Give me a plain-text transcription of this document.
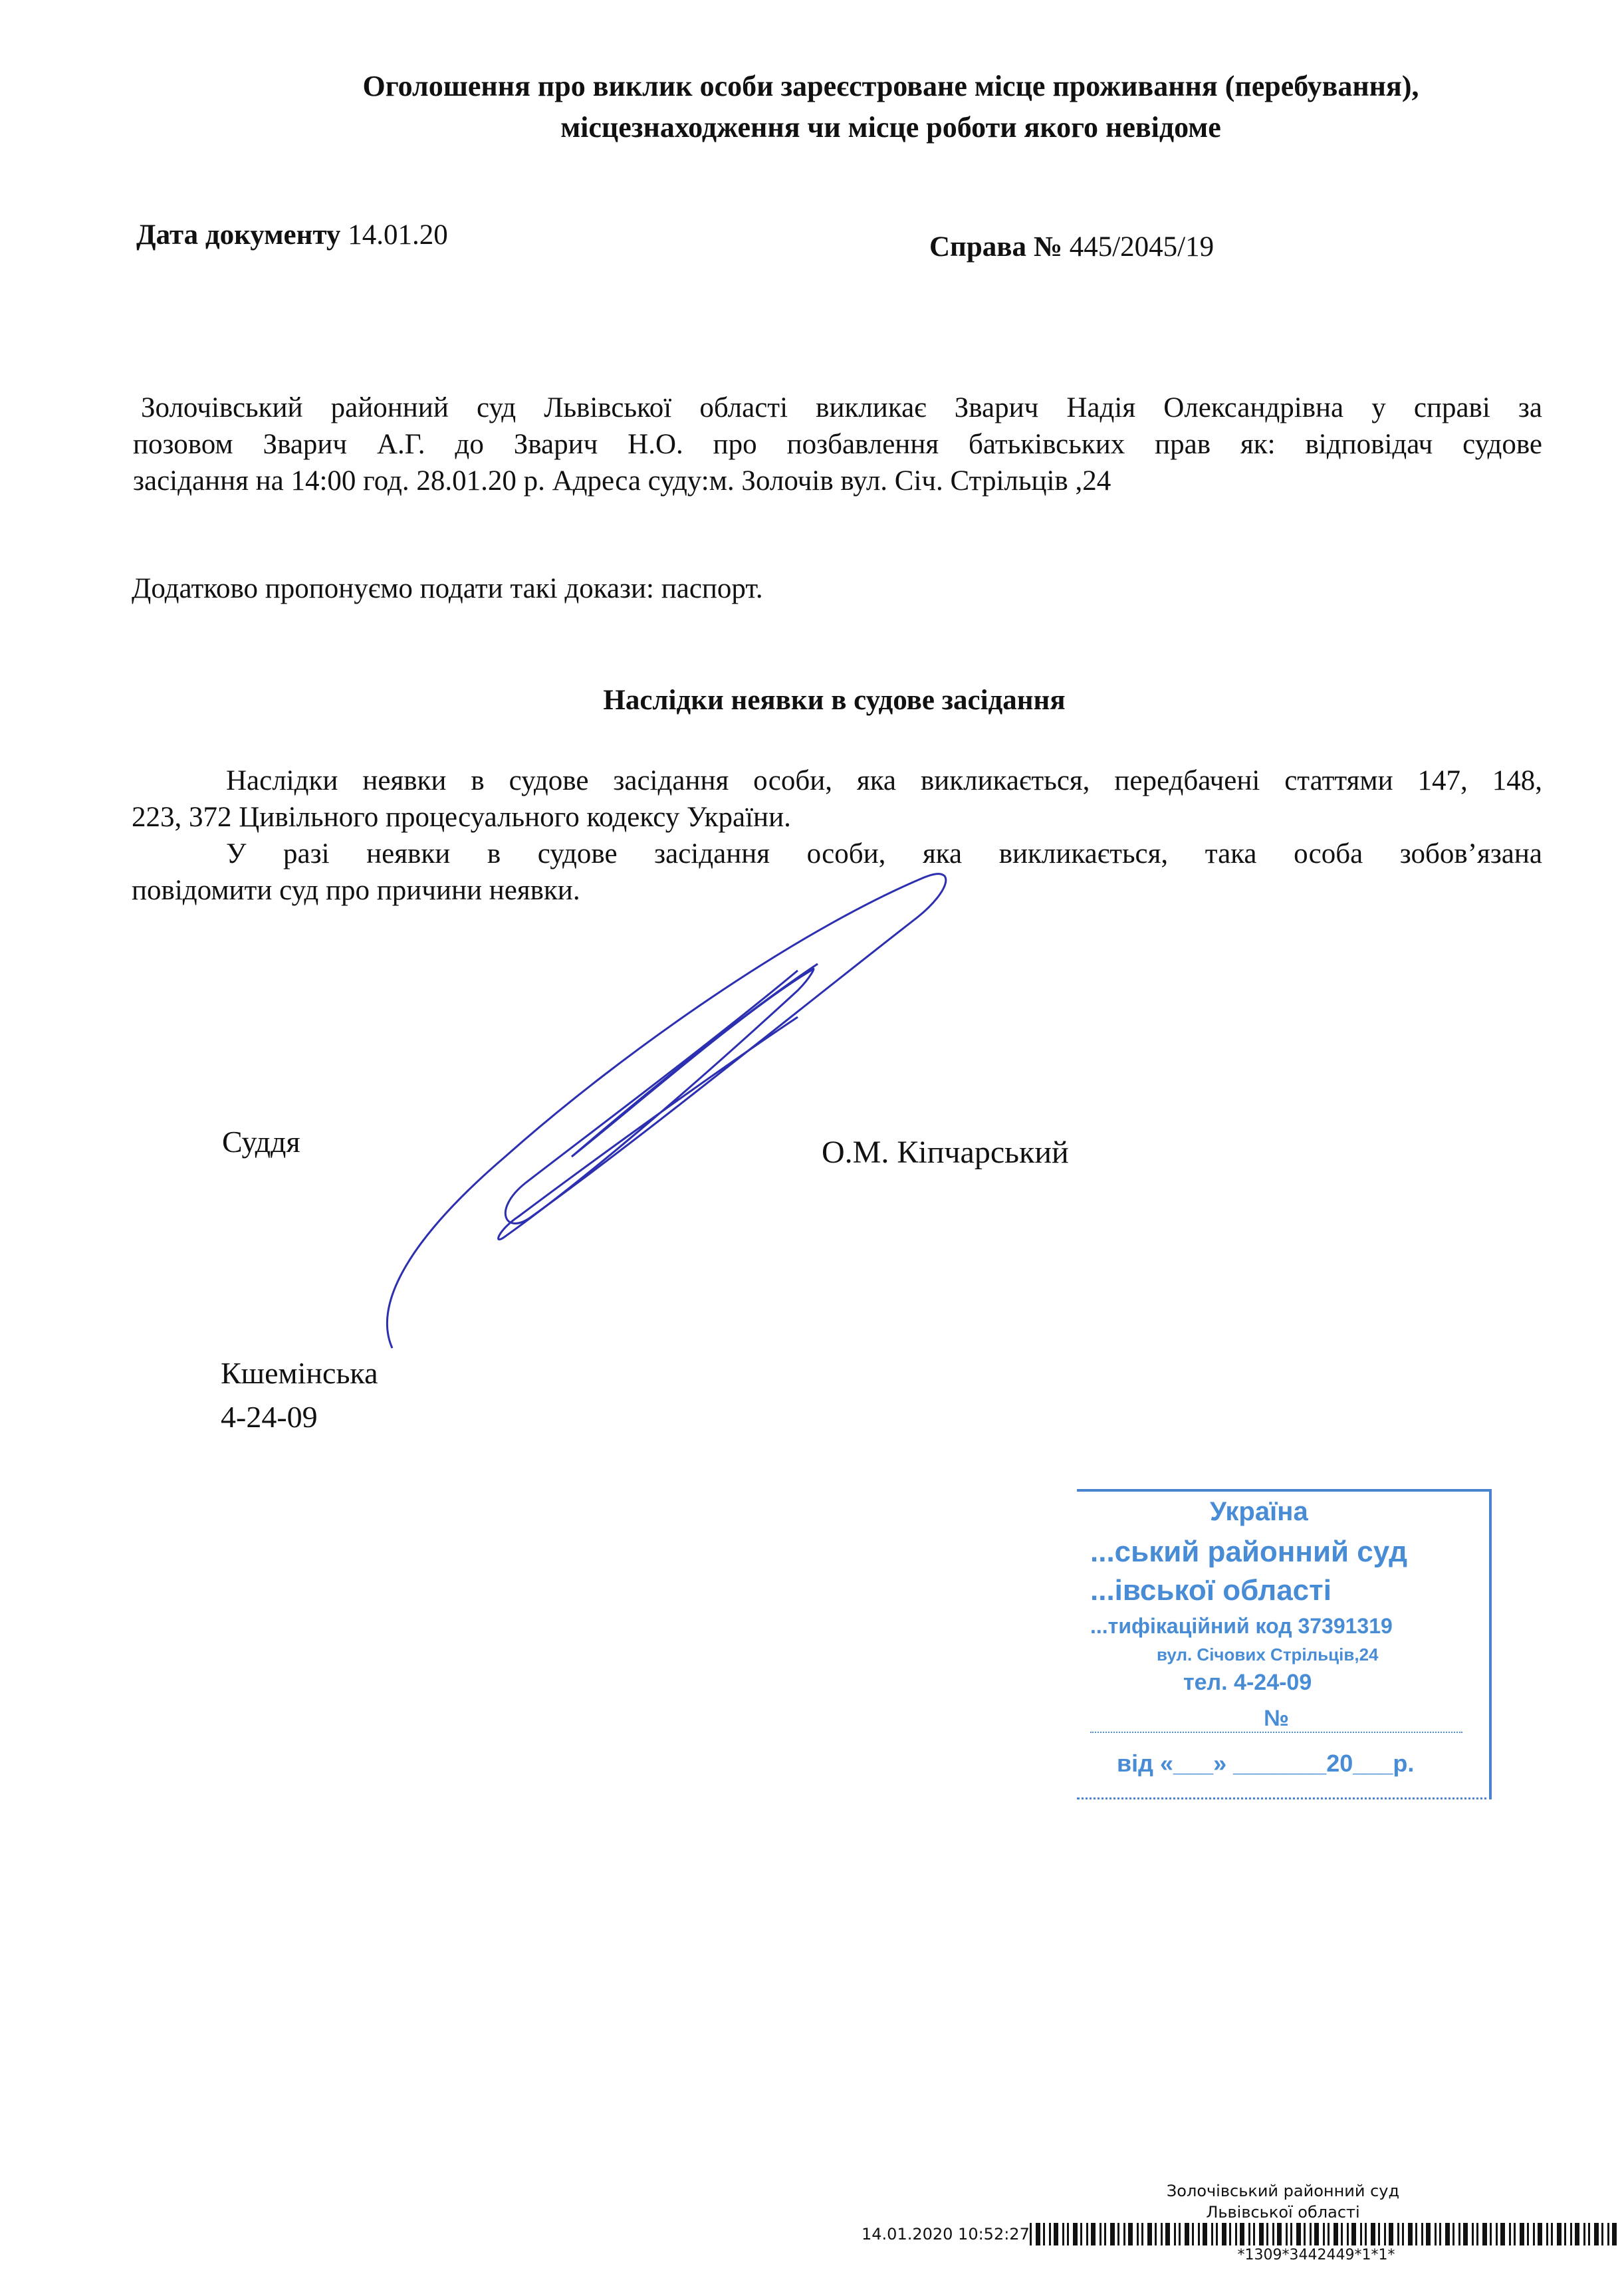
Україна
...ський районний суд
...івської області
...тифікаційний код 37391319
вул. Січових Стрільців,24
тел. 4-24-09
№
від «___» _______20___р.
Оголошення про виклик особи зареєстроване місце проживання (перебування),
місцезнаходження чи місце роботи якого невідоме
Дата документу 14.01.20	Справа № 445/2045/19
Золочівський районний суд Львівської області викликає Зварич Надія Олександрівна у справі за
позовом Зварич А.Г. до Зварич Н.О. про позбавлення батьківських прав як: відповідач судове
засідання на 14:00 год. 28.01.20 р. Адреса суду:м. Золочів вул. Січ. Стрільців ,24
Додатково пропонуємо подати такі докази: паспорт.
Наслідки неявки в судове засідання
Наслідки неявки в судове засідання особи, яка викликається, передбачені статтями 147, 148,
223, 372 Цивільного процесуального кодексу України.
У разі неявки в судове засідання особи, яка викликається, така особа зобов’язана
повідомити суд про причини неявки.
Суддя	О.М. Кіпчарський
Кшемінська
4-24-09
Золочівський районний суд
Львівської області
14.01.2020 10:52:27
*1309*3442449*1*1*
